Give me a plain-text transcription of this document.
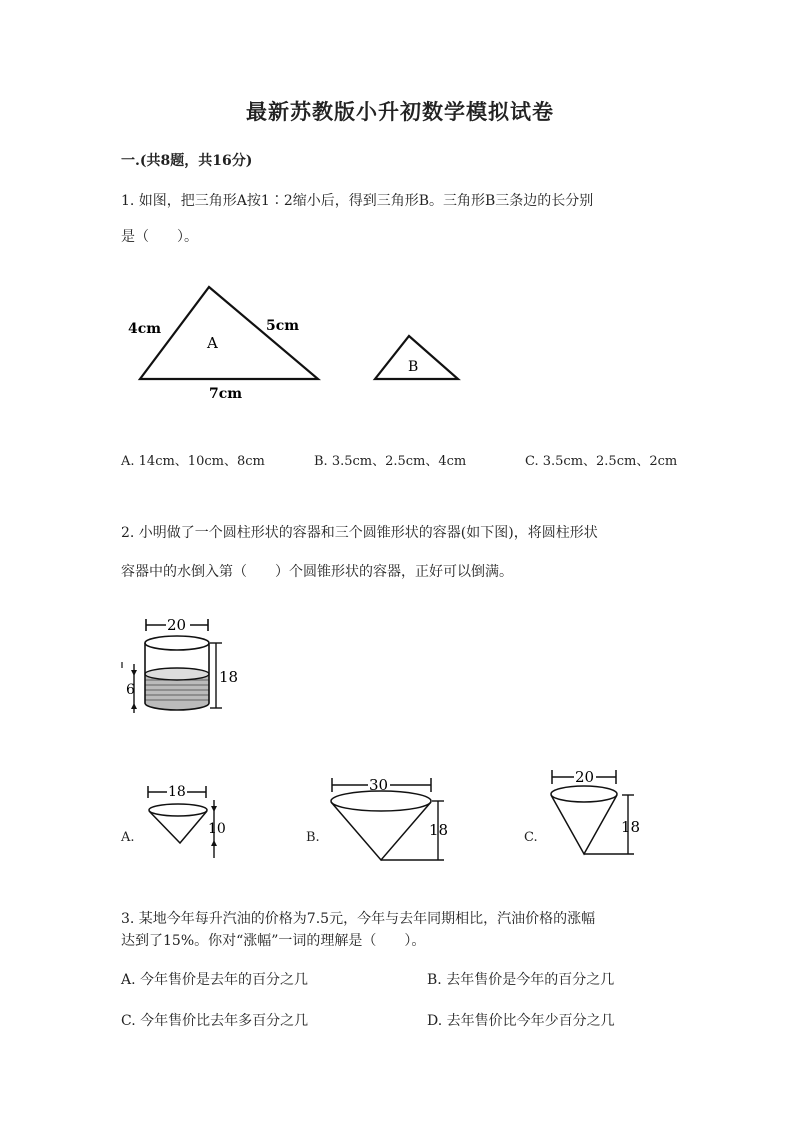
最新苏教版小升初数学模拟试卷
一.(共8题，共16分)
1. 如图，把三角形A按1∶2缩小后，得到三角形B。三角形B三条边的长分别
是（　　）。
A
4cm	5cm
7cm
B
A. 14cm、10cm、8cm	B. 3.5cm、2.5cm、4cm	C. 3.5cm、2.5cm、2cm
2. 小明做了一个圆柱形状的容器和三个圆锥形状的容器(如下图)，将圆柱形状
容器中的水倒入第（　　）个圆锥形状的容器，正好可以倒满。
20
18
6
A.
18
10
B.
30
18	C.
20
18
3. 某地今年每升汽油的价格为7.5元，今年与去年同期相比，汽油价格的涨幅
达到了15%。你对“涨幅”一词的理解是（　　）。
A. 今年售价是去年的百分之几	B. 去年售价是今年的百分之几
C. 今年售价比去年多百分之几	D. 去年售价比今年少百分之几
